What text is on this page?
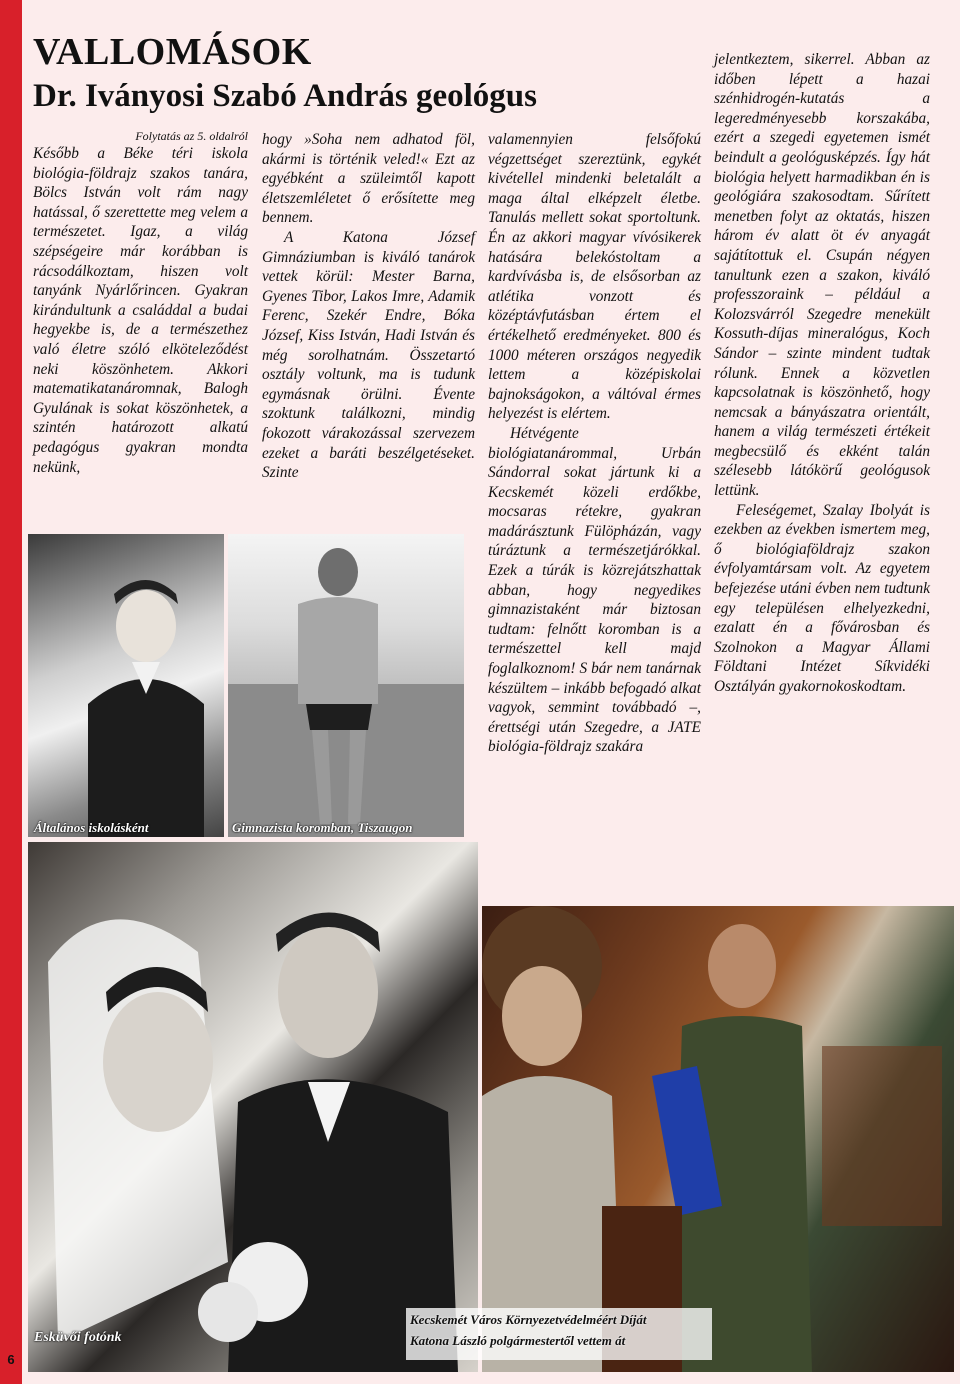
6
VALLOMÁSOK
Dr. Iványosi Szabó András geológus

Folytatás az 5. oldalról

Később a Béke téri iskola biológia-földrajz szakos tanára, Bölcs István volt rám nagy hatással, ő szerettette meg velem a természetet. Igaz, a világ szépségeire már korábban is rácsodálkoztam, hiszen volt tanyánk Nyárlőrincen. Gyakran kirándultunk a családdal a budai hegyekbe is, de a természethez való életre szóló elköteleződést neki köszönhetem. Akkori matematikatanáromnak, Balogh Gyulának is sokat köszönhetek, a szintén határozott alkatú pedagógus gyakran mondta nekünk,

hogy »Soha nem adhatod föl, akármi is történik veled!« Ezt az egyébként a szüleimtől kapott életszemléletet ő erősítette meg bennem.

A Katona József Gimnáziumban is kiváló tanárok vettek körül: Mester Barna, Gyenes Tibor, Lakos Imre, Adamik Ferenc, Szekér Endre, Bóka József, Kiss István, Hadi István és még sorolhatnám. Összetartó osztály voltunk, ma is tudunk egymásnak örülni. Évente szoktunk találkozni, mindig fokozott várakozással szervezem ezeket a baráti beszélgetéseket. Szinte

valamennyien felsőfokú végzettséget szereztünk, egykét kivétellel mindenki beletalált a maga által elképzelt életbe. Tanulás mellett sokat sportoltunk. Én az akkori magyar vívósikerek hatására belekóstoltam a kardvívásba is, de elsősorban az atlétika vonzott és középtávfutásban értem el értékelhető eredményeket. 800 és 1000 méteren országos negyedik lettem a középiskolai bajnokságokon, a váltóval érmes helyezést is elértem.

Hétvégente biológiatanárommal, Urbán Sándorral sokat jártunk ki a Kecskemét közeli erdőkbe, mocsaras rétekre, gyakran madárásztunk Fülöpházán, vagy túráztunk a természetjárókkal. Ezek a túrák is közrejátszhattak abban, hogy negyedikes gimnazistaként már biztosan tudtam: felnőtt koromban is a természettel kell majd foglalkoznom! S bár nem tanárnak készültem – inkább befogadó alkat vagyok, semmint továbbadó –, érettségi után Szegedre, a JATE biológia-földrajz szakára

jelentkeztem, sikerrel. Abban az időben lépett a hazai szénhidrogén-kutatás a legeredményesebb korszakába, ezért a szegedi egyetemen ismét beindult a geológusképzés. Így hát biológia helyett harmadikban én is geológiára szakosodtam. Sűrített menetben folyt az oktatás, hiszen három év alatt öt év anyagát sajátítottuk el. Csupán négyen tanultunk ezen a szakon, kiváló professzoraink – például a Kolozsvárról Szegedre menekült Kossuth-díjas mineralógus, Koch Sándor – szinte mindent tudtak rólunk. Ennek a közvetlen kapcsolatnak is köszönhető, hogy nemcsak a bányászatra orientált, hanem a világ természeti értékeit megbecsülő és ekként talán szélesebb látókörű geológusok lettünk.

Feleségemet, Szalay Ibolyát is ezekben az években ismertem meg, ő biológiaföldrajz szakon évfolyamtársam volt. Az egyetem befejezése utáni évben nem tudtunk egy településen elhelyezkedni, ezalatt én a fővárosban és Szolnokon a Magyar Állami Földtani Intézet Síkvidéki Osztályán gyakornokoskodtam.

Általános iskolásként	Gimnazista koromban, Tiszaugon
Esküvői fotónk
Kecskemét Város Környezetvédelméért Díját
Katona László polgármestertől vettem át
